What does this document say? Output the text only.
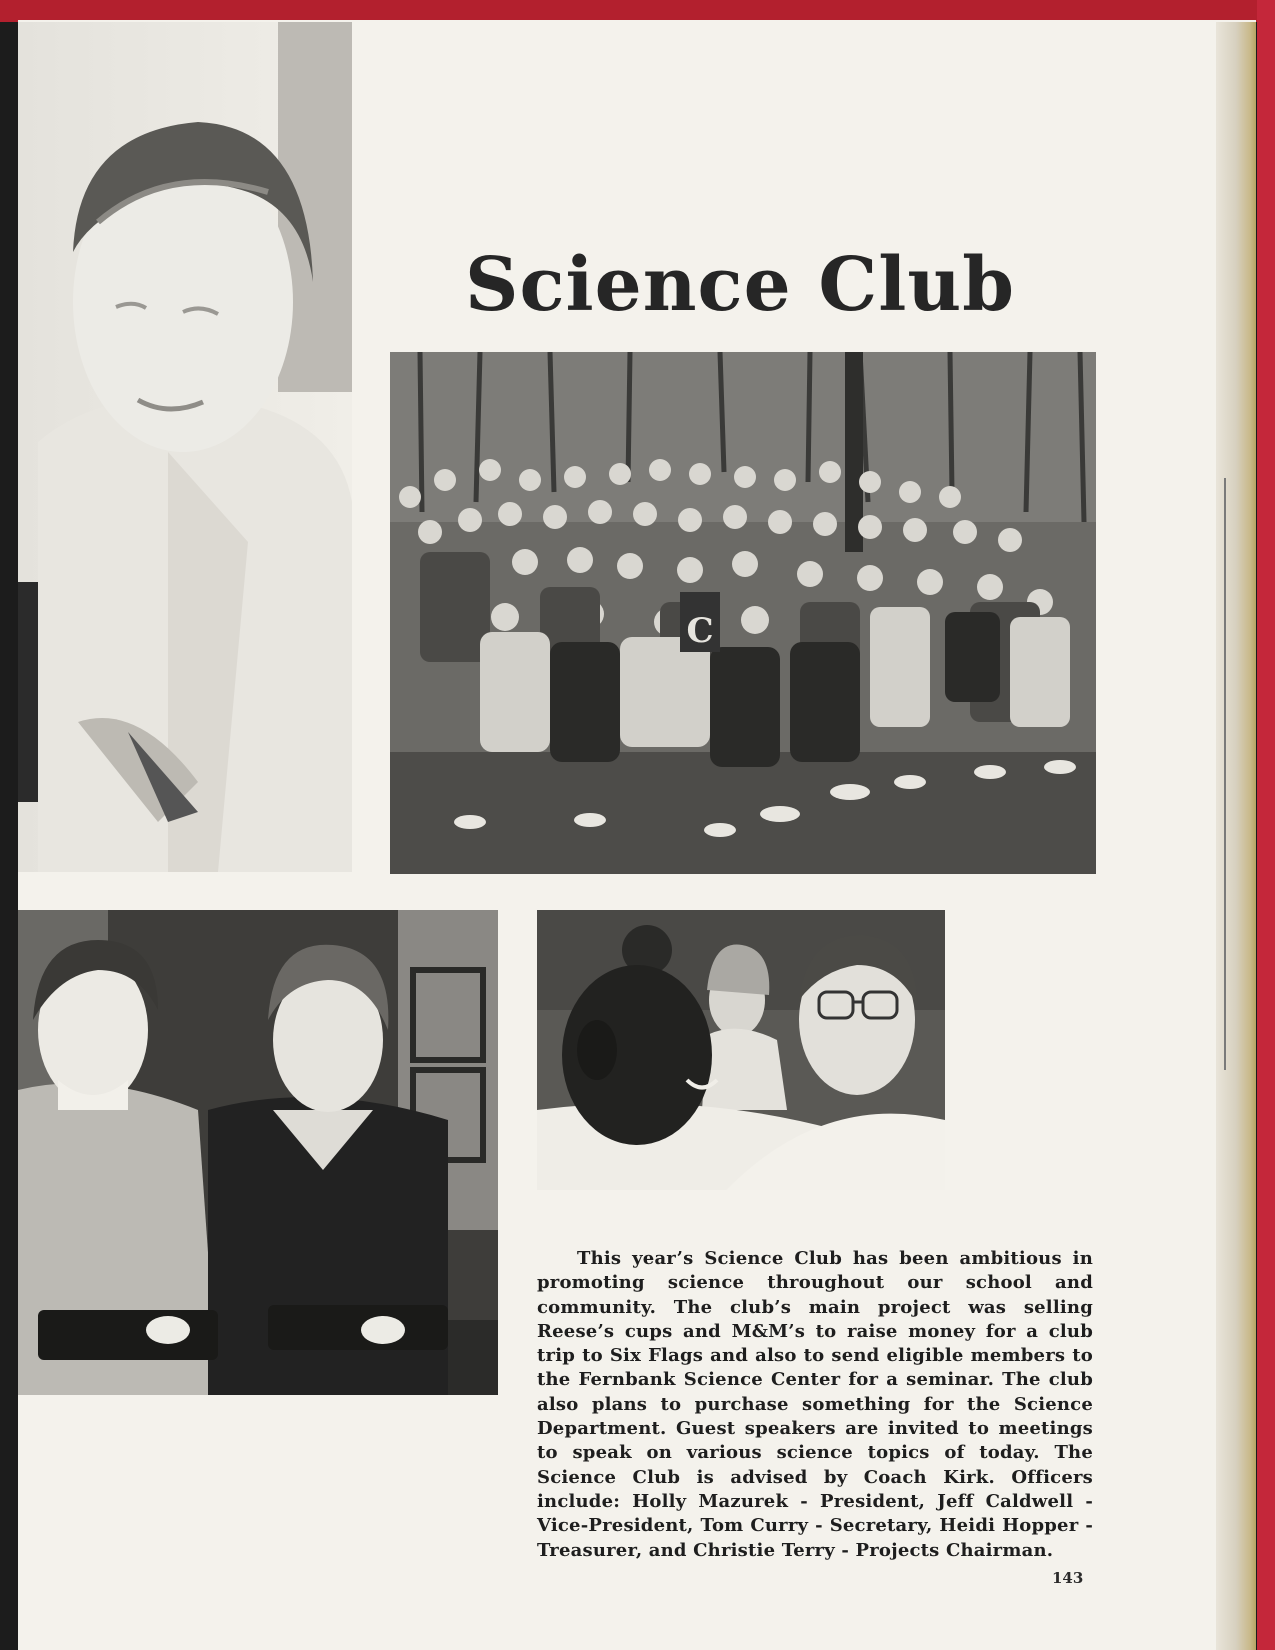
Science Club
C

This year’s Science Club has been ambitious in promoting science throughout our school and community. The club’s main project was selling Reese’s cups and M&M’s to raise money for a club trip to Six Flags and also to send eligible members to the Fernbank Science Center for a seminar. The club also plans to purchase something for the Science Department. Guest speakers are invited to meetings to speak on various science topics of today. The Science Club is advised by Coach Kirk. Officers include: Holly Mazurek - President, Jeff Caldwell - Vice-President, Tom Curry - Secretary, Heidi Hopper - Treasurer, and Christie Terry - Projects Chairman.

143
